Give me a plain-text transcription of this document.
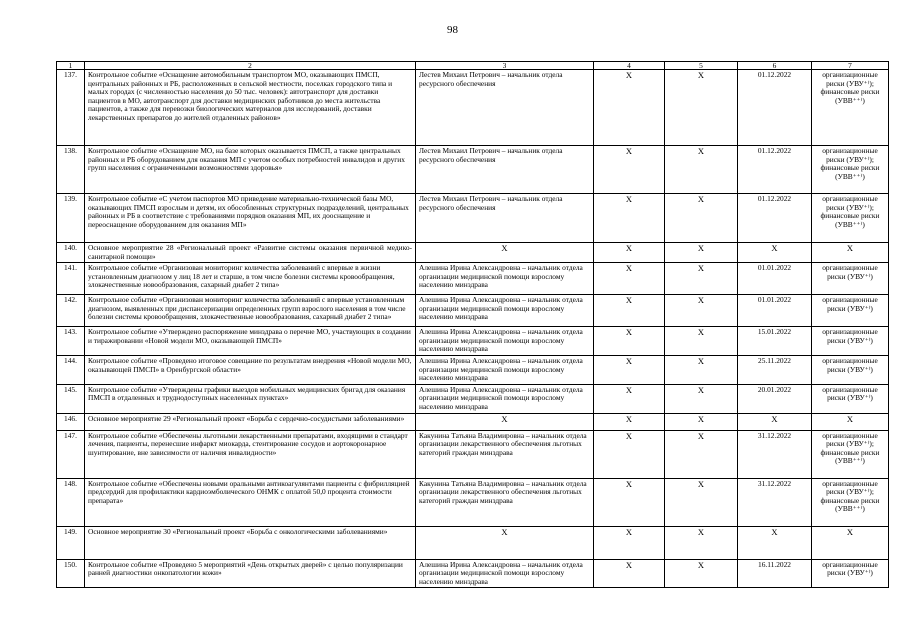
98
1	2	3	4	5	6	7
137.	Контрольное событие «Оснащение автомобильным транспортом МО, оказывающих ПМСП, центральных районных и РБ, расположенных в сельской местности, поселках городского типа и малых городах (с численностью населения до 50 тыс. человек): автотранспорт для доставки пациентов в МО, автотранспорт для доставки медицинских работников до места жительства пациентов, а также для перевозки биологических материалов для исследований, доставки лекарственных препаратов до жителей отдаленных районов»	Лестев Михаил Петрович – начальник отдела ресурсного обеспечения	X	X	01.12.2022	организационные риски (УВУ⁺⁾); финансовые риски (УВВ⁺⁺⁾)
138.	Контрольное событие «Оснащение МО, на базе которых оказывается ПМСП, а также центральных районных и РБ оборудованием для оказания МП с учетом особых потребностей инвалидов и других групп населения с ограниченными возможностями здоровья»	Лестев Михаил Петрович – начальник отдела ресурсного обеспечения	X	X	01.12.2022	организационные риски (УВУ⁺⁾); финансовые риски (УВВ⁺⁺⁾)
139.	Контрольное событие «С учетом паспортов МО приведение материально-технической базы МО, оказывающих ПМСП взрослым и детям, их обособленных структурных подразделений, центральных районных и РБ в соответствие с требованиями порядков оказания МП, их дооснащение и переоснащение оборудованием для оказания МП»	Лестев Михаил Петрович – начальник отдела ресурсного обеспечения	X	X	01.12.2022	организационные риски (УВУ⁺⁾); финансовые риски (УВВ⁺⁺⁾)
140.	Основное мероприятие 28 «Региональный проект «Развитие системы оказания первичной медико-санитарной помощи»	X	X	X	X	X
141.	Контрольное событие «Организован мониторинг количества заболеваний с впервые в жизни установленным диагнозом у лиц 18 лет и старше, в том числе болезни системы кровообращения, злокачественные новообразования, сахарный диабет 2 типа»	Алешина Ирина Александровна – начальник отдела организации медицинской помощи взрослому населению минздрава	X	X	01.01.2022	организационные риски (УВУ⁺⁾)
142.	Контрольное событие «Организован мониторинг количества заболеваний с впервые установленным диагнозом, выявленных при диспансеризации определенных групп взрослого населения в том числе болезни системы кровообращения, злокачественные новообразования, сахарный диабет 2 типа»	Алешина Ирина Александровна – начальник отдела организации медицинской помощи взрослому населению минздрава	X	X	01.01.2022	организационные риски (УВУ⁺⁾)
143.	Контрольное событие «Утверждено распоряжение минздрава о перечне МО, участвующих в создании и тиражировании «Новой модели МО, оказывающей ПМСП»	Алешина Ирина Александровна – начальник отдела организации медицинской помощи взрослому населению минздрава	X	X	15.01.2022	организационные риски (УВУ⁺⁾)
144.	Контрольное событие «Проведено итоговое совещание по результатам внедрения «Новой модели МО, оказывающей ПМСП» в Оренбургской области»	Алешина Ирина Александровна – начальник отдела организации медицинской помощи взрослому населению минздрава	X	X	25.11.2022	организационные риски (УВУ⁺⁾)
145.	Контрольное событие «Утверждены графики выездов мобильных медицинских бригад для оказания ПМСП в отдаленных и труднодоступных населенных пунктах»	Алешина Ирина Александровна – начальник отдела организации медицинской помощи взрослому населению минздрава	X	X	20.01.2022	организационные риски (УВУ⁺⁾)
146.	Основное мероприятие 29 «Региональный проект «Борьба с сердечно-сосудистыми заболеваниями»	X	X	X	X	X
147.	Контрольное событие «Обеспечены льготными лекарственными препаратами, входящими в стандарт лечения, пациенты, перенесшие инфаркт миокарда, стентирование сосудов и аортокоронарное шунтирование, вне зависимости от наличия инвалидности»	Какунина Татьяна Владимировна – начальник отдела организации лекарственного обеспечения льготных категорий граждан минздрава	X	X	31.12.2022	организационные риски (УВУ⁺⁾); финансовые риски (УВВ⁺⁺⁾)
148.	Контрольное событие «Обеспечены новыми оральными антикоагулянтами пациенты с фибрилляцией предсердий для профилактики кардиоэмболического ОНМК с оплатой 50,0 процента стоимости препарата»	Какунина Татьяна Владимировна – начальник отдела организации лекарственного обеспечения льготных категорий граждан минздрава	X	X	31.12.2022	организационные риски (УВУ⁺⁾); финансовые риски (УВВ⁺⁺⁾)
149.	Основное мероприятие 30 «Региональный проект «Борьба с онкологическими заболеваниями»	X	X	X	X	X
150.	Контрольное событие «Проведено 5 мероприятий «День открытых дверей» с целью популяризации ранней диагностики онкопатологии кожи»	Алешина Ирина Александровна – начальник отдела организации медицинской помощи взрослому населению минздрава	X	X	16.11.2022	организационные риски (УВУ⁺⁾)
